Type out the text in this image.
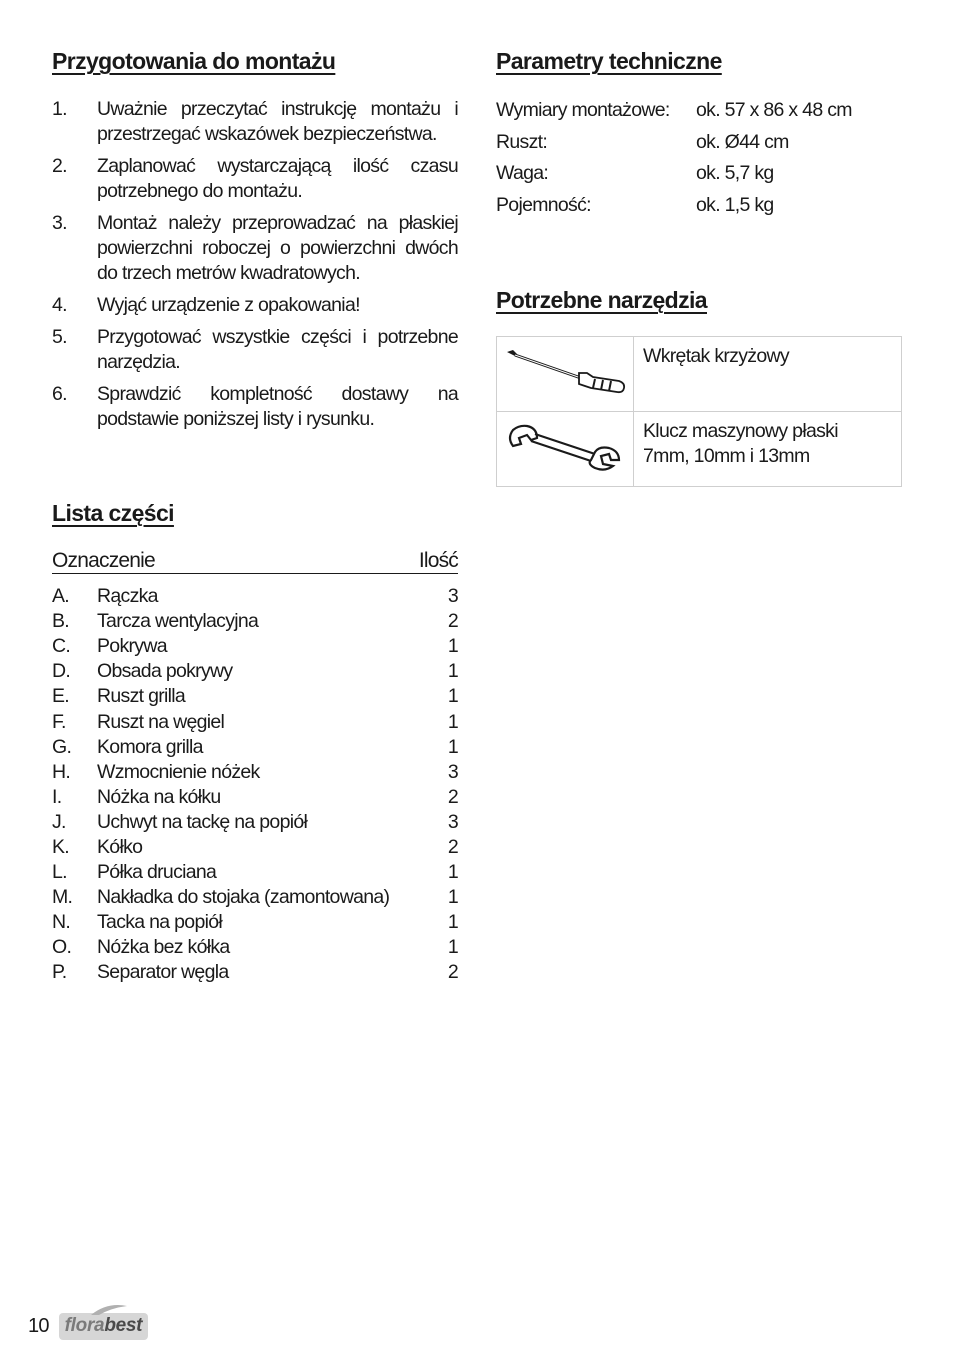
Przygotowania do montażu
1.	Uważnie przeczytać instrukcję montażu i przestrzegać wskazówek bezpieczeństwa.
2.	Zaplanować wystarczającą ilość czasu potrzebnego do montażu.
3.	Montaż należy przeprowadzać na płaskiej powierzchni roboczej o powierzchni dwóch do trzech metrów kwadratowych.
4.	Wyjąć urządzenie z opakowania!
5.	Przygotować wszystkie części i potrzebne narzędzia.
6.	Sprawdzić kompletność dostawy na podstawie poniższej listy i rysunku.
Lista części
Oznaczenie	Ilość
A.	Rączka	3
B.	Tarcza wentylacyjna	2
C.	Pokrywa	1
D.	Obsada pokrywy	1
E.	Ruszt grilla	1
F.	Ruszt na węgiel	1
G.	Komora grilla	1
H.	Wzmocnienie nóżek	3
I.	Nóżka na kółku	2
J.	Uchwyt na tackę na popiół	3
K.	Kółko	2
L.	Półka druciana	1
M.	Nakładka do stojaka (zamontowana)	1
N.	Tacka na popiół	1
O.	Nóżka bez kółka	1
P.	Separator węgla	2
Parametry techniczne
Wymiary montażowe:	ok. 57 x 86 x 48 cm
Ruszt:	ok. Ø44 cm
Waga:	ok. 5,7 kg
Pojemność:	ok. 1,5 kg
Potrzebne narzędzia

Wkrętak krzyżowy

Klucz maszynowy płaski
7mm, 10mm i 13mm
10 florabest
